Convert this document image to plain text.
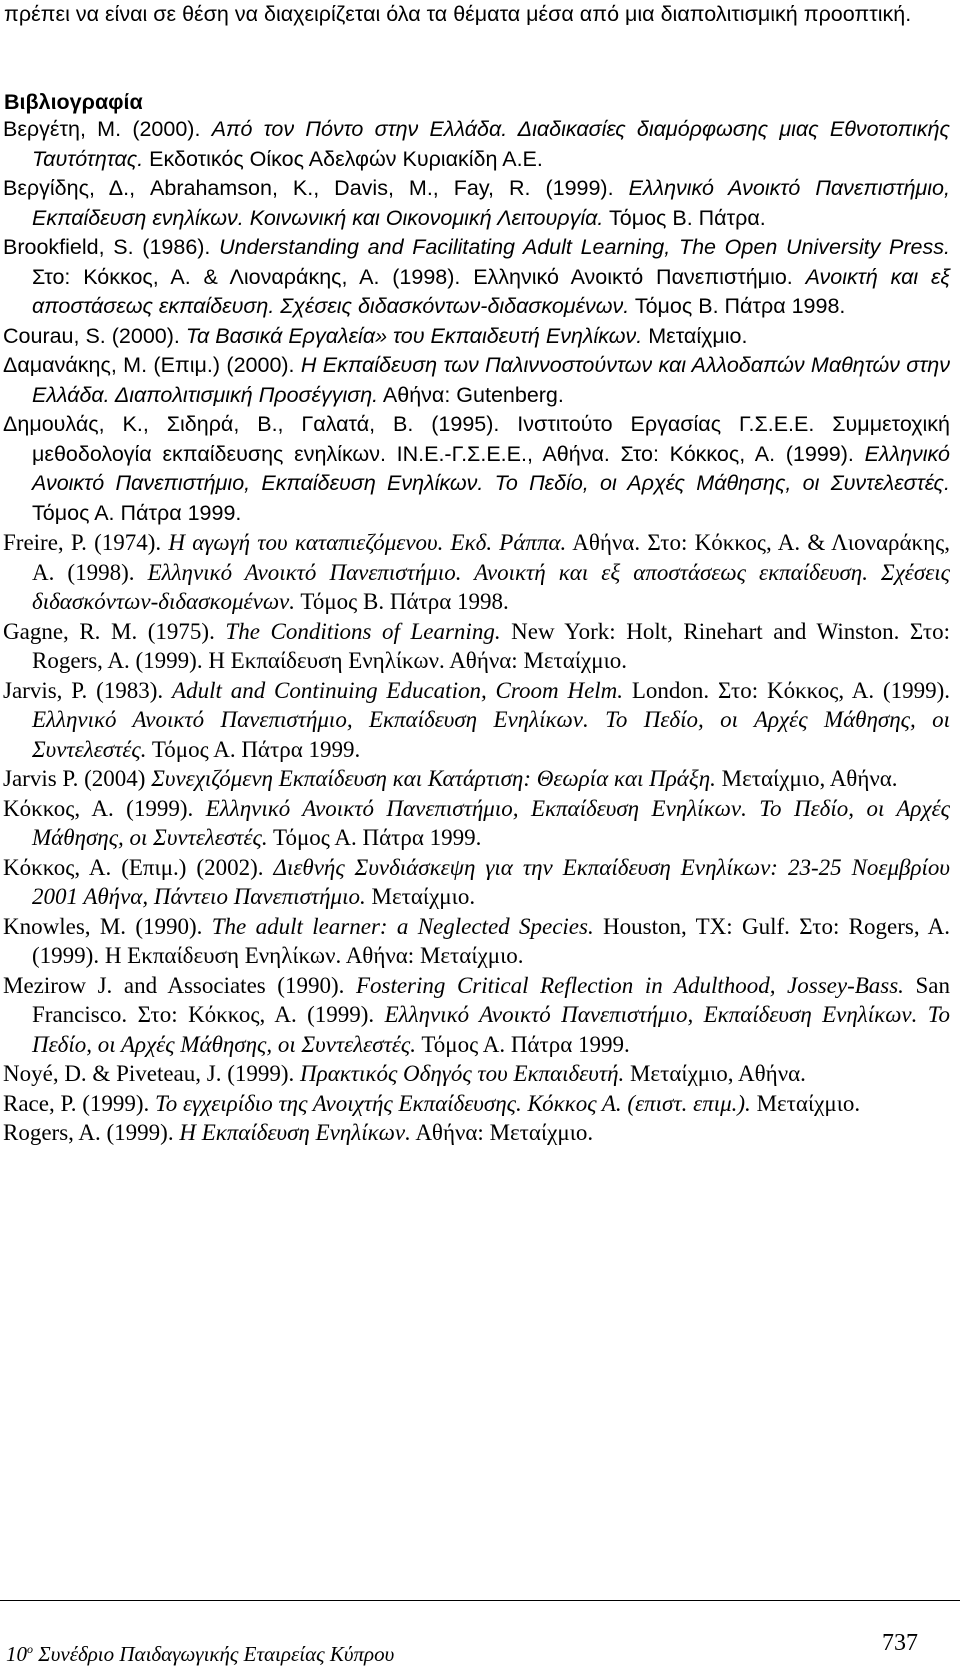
πρέπει να είναι σε θέση να διαχειρίζεται όλα τα θέματα μέσα από μια διαπολιτισμική προοπτική.

Βιβλιογραφία

Βεργέτη, Μ. (2000). Από τον Πόντο στην Ελλάδα. Διαδικασίες διαμόρφωσης μιας Εθνοτοπικής Ταυτότητας. Εκδοτικός Οίκος Αδελφών Κυριακίδη Α.Ε.

Βεργίδης, Δ., Abrahamson, K., Davis, M., Fay, R. (1999). Ελληνικό Ανοικτό Πανεπιστήμιο, Εκπαίδευση ενηλίκων. Κοινωνική και Οικονομική Λειτουργία. Τόμος Β. Πάτρα.

Brookfield, S. (1986). Understanding and Facilitating Adult Learning, The Open University Press. Στο: Κόκκος, Α. & Λιοναράκης, Α. (1998). Ελληνικό Ανοικτό Πανεπιστήμιο. Ανοικτή και εξ αποστάσεως εκπαίδευση. Σχέσεις διδασκόντων-διδασκομένων. Τόμος Β. Πάτρα 1998.

Courau, S. (2000). Τα Βασικά Εργαλεία» του Εκπαιδευτή Ενηλίκων. Μεταίχμιο.

Δαμανάκης, Μ. (Επιμ.) (2000). Η Εκπαίδευση των Παλιννοστούντων και Αλλοδαπών Μαθητών στην Ελλάδα. Διαπολιτισμική Προσέγγιση. Αθήνα: Gutenberg.

Δημουλάς, Κ., Σιδηρά, Β., Γαλατά, Β. (1995). Ινστιτούτο Εργασίας Γ.Σ.Ε.Ε. Συμμετοχική μεθοδολογία εκπαίδευσης ενηλίκων. ΙΝ.Ε.-Γ.Σ.Ε.Ε., Αθήνα. Στο: Κόκκος, Α. (1999). Ελληνικό Ανοικτό Πανεπιστήμιο, Εκπαίδευση Ενηλίκων. Το Πεδίο, οι Αρχές Μάθησης, οι Συντελεστές. Τόμος Α. Πάτρα 1999.

Freire, P. (1974). Η αγωγή του καταπιεζόμενου. Εκδ. Ράππα. Αθήνα. Στο: Κόκκος, Α. & Λιοναράκης, Α. (1998). Ελληνικό Ανοικτό Πανεπιστήμιο. Ανοικτή και εξ αποστάσεως εκπαίδευση. Σχέσεις διδασκόντων-διδασκομένων. Τόμος Β. Πάτρα 1998.

Gagne, R. M. (1975). The Conditions of Learning. New York: Holt, Rinehart and Winston. Στο: Rogers, A. (1999). Η Εκπαίδευση Ενηλίκων. Αθήνα: Μεταίχμιο.

Jarvis, P. (1983). Adult and Continuing Education, Croom Helm. London. Στο: Κόκκος, Α. (1999). Ελληνικό Ανοικτό Πανεπιστήμιο, Εκπαίδευση Ενηλίκων. Το Πεδίο, οι Αρχές Μάθησης, οι Συντελεστές. Τόμος Α. Πάτρα 1999.

Jarvis P. (2004) Συνεχιζόμενη Εκπαίδευση και Κατάρτιση: Θεωρία και Πράξη. Μεταίχμιο, Αθήνα.

Κόκκος, Α. (1999). Ελληνικό Ανοικτό Πανεπιστήμιο, Εκπαίδευση Ενηλίκων. Το Πεδίο, οι Αρχές Μάθησης, οι Συντελεστές. Τόμος Α. Πάτρα 1999.

Κόκκος, Α. (Επιμ.) (2002). Διεθνής Συνδιάσκεψη για την Εκπαίδευση Ενηλίκων: 23-25 Νοεμβρίου 2001 Αθήνα, Πάντειο Πανεπιστήμιο. Μεταίχμιο.

Knowles, M. (1990). The adult learner: a Neglected Species. Houston, TX: Gulf. Στο: Rogers, A. (1999). Η Εκπαίδευση Ενηλίκων. Αθήνα: Μεταίχμιο.

Mezirow J. and Associates (1990). Fostering Critical Reflection in Adulthood, Jossey-Bass. San Francisco. Στο: Κόκκος, Α. (1999). Ελληνικό Ανοικτό Πανεπιστήμιο, Εκπαίδευση Ενηλίκων. Το Πεδίο, οι Αρχές Μάθησης, οι Συντελεστές. Τόμος Α. Πάτρα 1999.

Noyé, D. & Piveteau, J. (1999). Πρακτικός Οδηγός του Εκπαιδευτή. Μεταίχμιο, Αθήνα.

Race, P. (1999). Το εγχειρίδιο της Ανοιχτής Εκπαίδευσης. Κόκκος Α. (επιστ. επιμ.). Μεταίχμιο.

Rogers, A. (1999). Η Εκπαίδευση Ενηλίκων. Αθήνα: Μεταίχμιο.

$10^o$ Συνέδριο Παιδαγωγικής Εταιρείας Κύπρου	737
